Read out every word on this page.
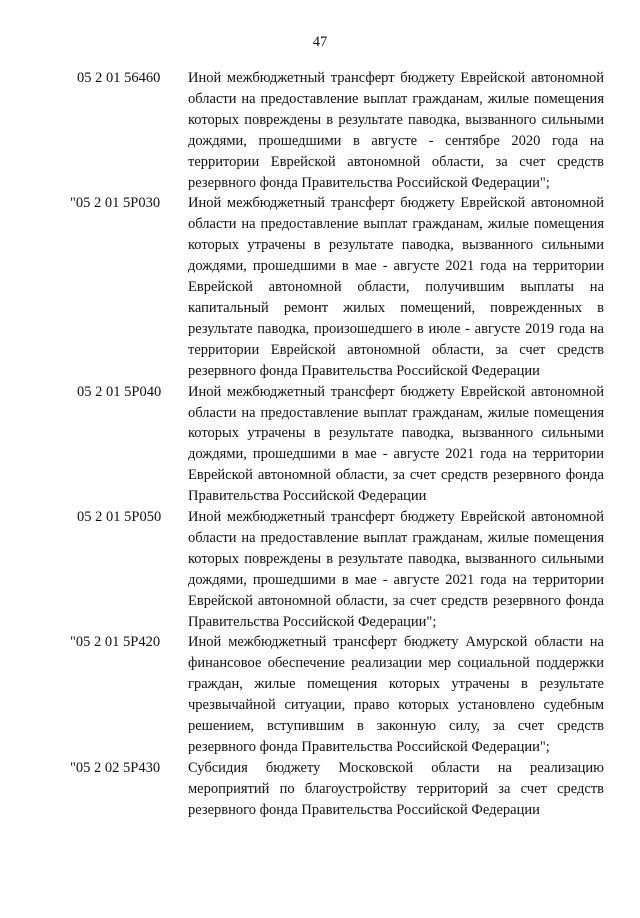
47
05 2 01 56460	Иной межбюджетный трансферт бюджету Еврейской автономной области на предоставление выплат гражданам, жилые помещения которых повреждены в результате паводка, вызванного сильными дождями, прошедшими в августе - сентябре 2020 года на территории Еврейской автономной области, за счет средств резервного фонда Правительства Российской Федерации";
"05 2 01 5P030	Иной межбюджетный трансферт бюджету Еврейской автономной области на предоставление выплат гражданам, жилые помещения которых утрачены в результате паводка, вызванного сильными дождями, прошедшими в мае - августе 2021 года на территории Еврейской автономной области, получившим выплаты на капитальный ремонт жилых помещений, поврежденных в результате паводка, произошедшего в июле - августе 2019 года на территории Еврейской автономной области, за счет средств резервного фонда Правительства Российской Федерации
05 2 01 5P040	Иной межбюджетный трансферт бюджету Еврейской автономной области на предоставление выплат гражданам, жилые помещения которых утрачены в результате паводка, вызванного сильными дождями, прошедшими в мае - августе 2021 года на территории Еврейской автономной области, за счет средств резервного фонда Правительства Российской Федерации
05 2 01 5P050	Иной межбюджетный трансферт бюджету Еврейской автономной области на предоставление выплат гражданам, жилые помещения которых повреждены в результате паводка, вызванного сильными дождями, прошедшими в мае - августе 2021 года на территории Еврейской автономной области, за счет средств резервного фонда Правительства Российской Федерации";
"05 2 01 5P420	Иной межбюджетный трансферт бюджету Амурской области на финансовое обеспечение реализации мер социальной поддержки граждан, жилые помещения которых утрачены в результате чрезвычайной ситуации, право которых установлено судебным решением, вступившим в законную силу, за счет средств резервного фонда Правительства Российской Федерации";
"05 2 02 5P430	Субсидия бюджету Московской области на реализацию мероприятий по благоустройству территорий за счет средств резервного фонда Правительства Российской Федерации
